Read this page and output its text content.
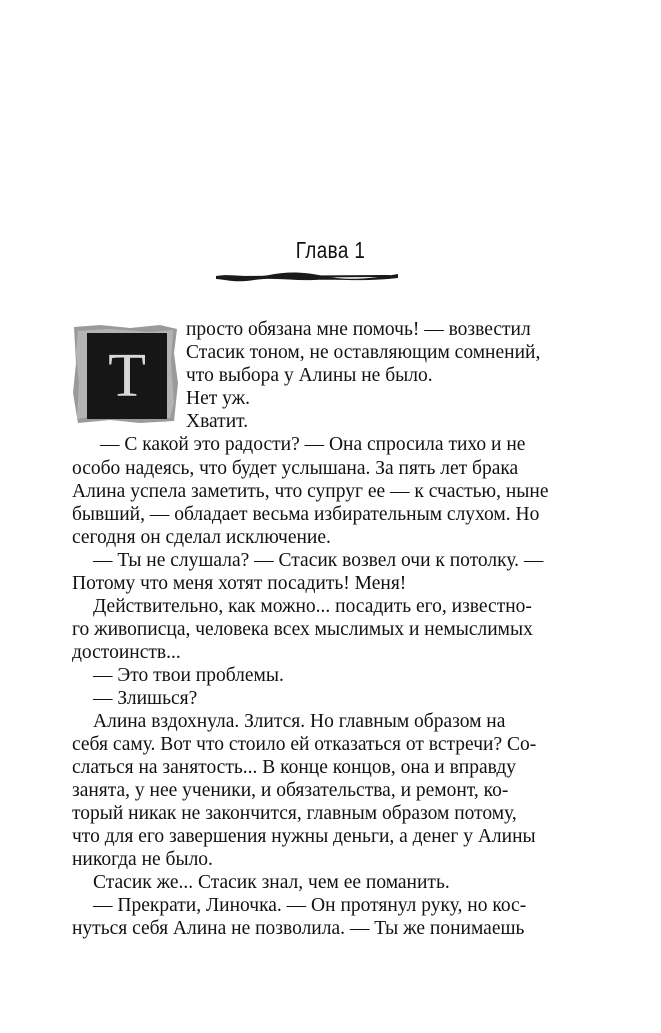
Глава 1
Т
просто обязана мне помочь! — возвестил
Стасик тоном, не оставляющим сомнений,
что выбора у Алины не было.
Нет уж.
Хватит.
— С какой это радости? — Она спросила тихо и не
особо надеясь, что будет услышана. За пять лет брака
Алина успела заметить, что супруг ее — к счастью, ныне
бывший, — обладает весьма избирательным слухом. Но
сегодня он сделал исключение.
— Ты не слушала? — Стасик возвел очи к потолку. —
Потому что меня хотят посадить! Меня!
Действительно, как можно... посадить его, известно-
го живописца, человека всех мыслимых и немыслимых
достоинств...
— Это твои проблемы.
— Злишься?
Алина вздохнула. Злится. Но главным образом на
себя саму. Вот что стоило ей отказаться от встречи? Со-
слаться на занятость... В конце концов, она и вправду
занята, у нее ученики, и обязательства, и ремонт, ко-
торый никак не закончится, главным образом потому,
что для его завершения нужны деньги, а денег у Алины
никогда не было.
Стасик же... Стасик знал, чем ее поманить.
— Прекрати, Линочка. — Он протянул руку, но кос-
нуться себя Алина не позволила. — Ты же понимаешь
